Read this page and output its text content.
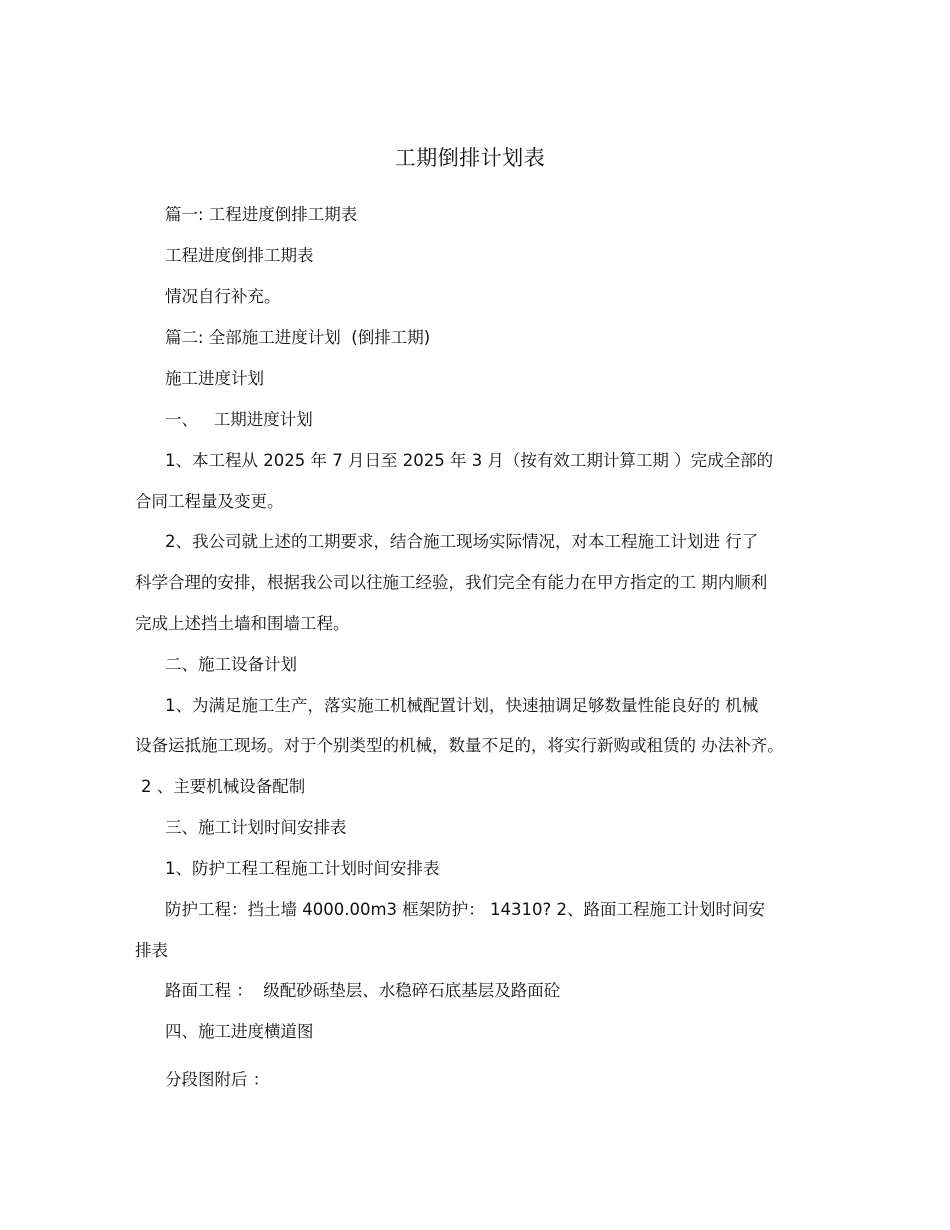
工期倒排计划表
篇一: 工程进度倒排工期表
工程进度倒排工期表
情况自行补充。
篇二: 全部施工进度计划  (倒排工期)
施工进度计划
一、   工期进度计划
1、本工程从 2025 年 7 月日至 2025 年 3 月（按有效工期计算工期 ）完成全部的
合同工程量及变更。
2、我公司就上述的工期要求，结合施工现场实际情况，对本工程施工计划进 行了
科学合理的安排，根据我公司以往施工经验，我们完全有能力在甲方指定的工 期内顺利
完成上述挡土墙和围墙工程。
二、施工设备计划
1、为满足施工生产，落实施工机械配置计划，快速抽调足够数量性能良好的 机械
设备运抵施工现场。对于个别类型的机械，数量不足的，将实行新购或租赁的 办法补齐。
2 、主要机械设备配制
三、施工计划时间安排表
1、防护工程工程施工计划时间安排表
防护工程：挡土墙 4000.00m3 框架防护： 14310? 2、路面工程施工计划时间安
排表
路面工程 ：  级配砂砾垫层、水稳碎石底基层及路面砼
四、施工进度横道图
分段图附后 ：
